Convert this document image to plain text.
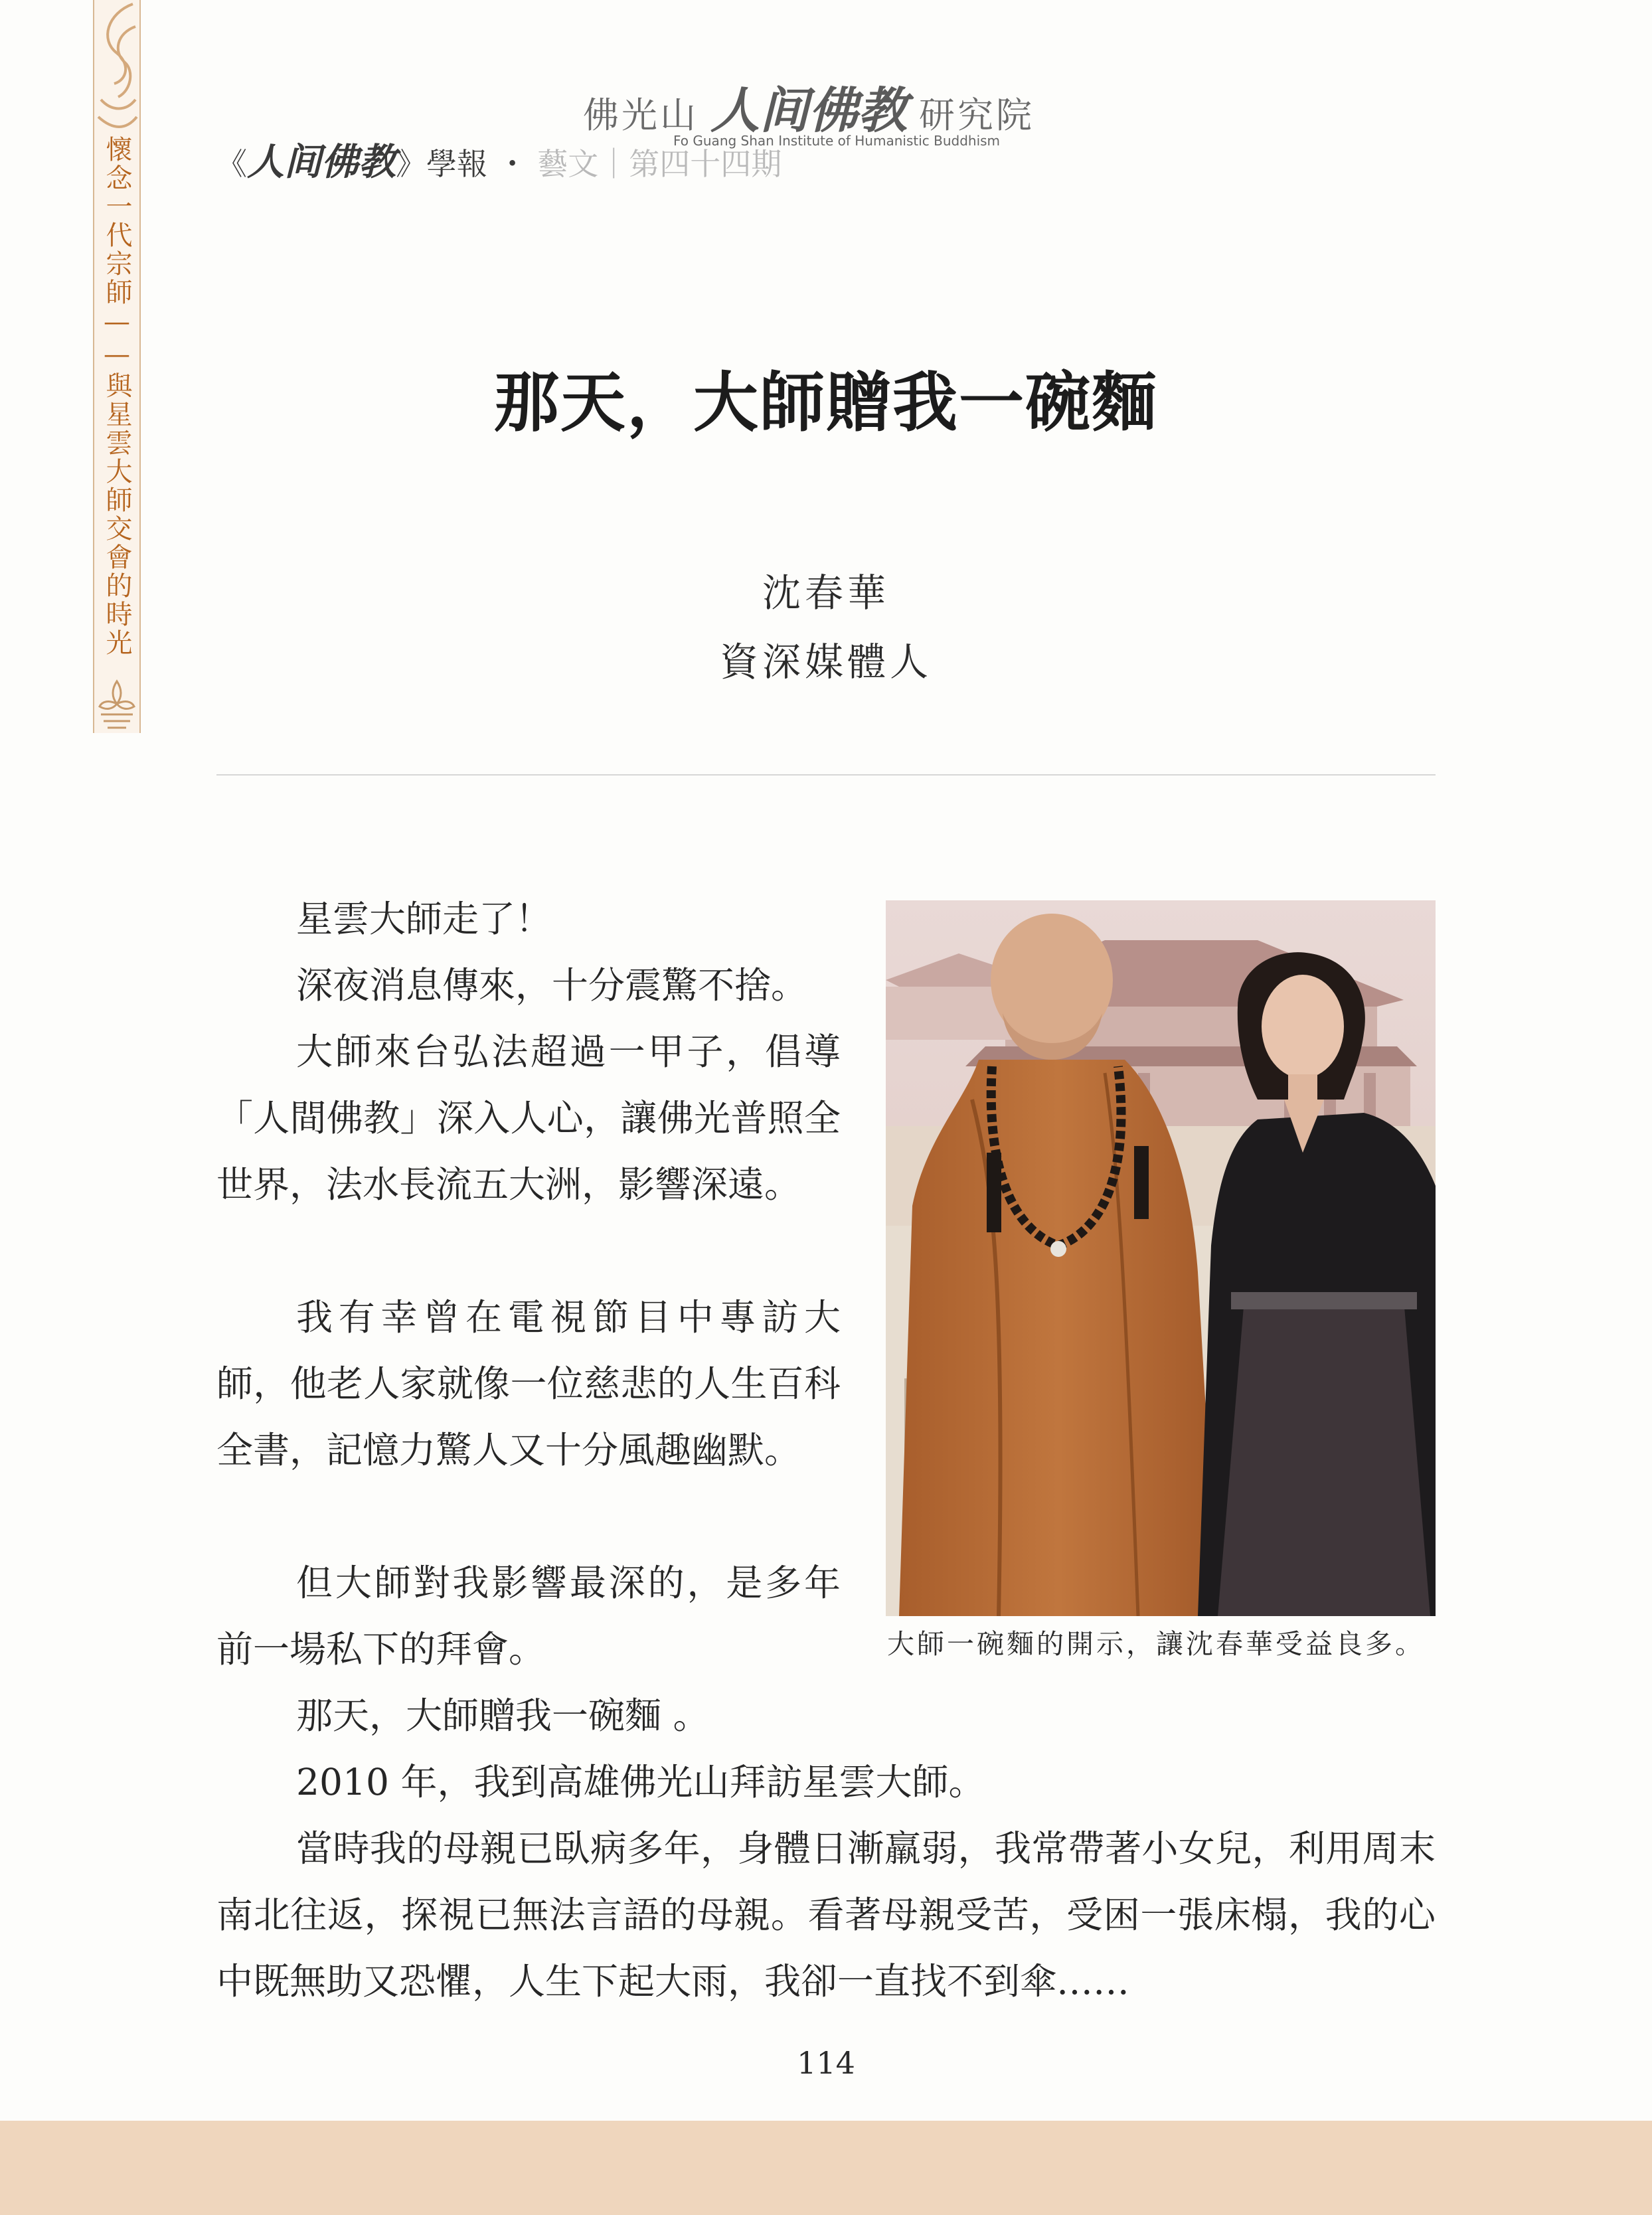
懷念一代宗師——與星雲大師交會的時光
佛光山 人间佛教 研究院
Fo Guang Shan Institute of Humanistic Buddhism
《人间佛教》學報 ・ 藝文｜第四十四期
那天，大師贈我一碗麵
沈春華
資深媒體人

星雲大師走了！

深夜消息傳來，十分震驚不捨。

大師來台弘法超過一甲子，倡導「人間佛教」深入人心，讓佛光普照全世界，法水長流五大洲，影響深遠。

我有幸曾在電視節目中專訪大師，他老人家就像一位慈悲的人生百科全書，記憶力驚人又十分風趣幽默。

但大師對我影響最深的，是多年前一場私下的拜會。

那天，大師贈我一碗麵 。

2010 年，我到高雄佛光山拜訪星雲大師。

當時我的母親已臥病多年，身體日漸羸弱，我常帶著小女兒，利用周末南北往返，探視已無法言語的母親。看著母親受苦，受困一張床榻，我的心中既無助又恐懼，人生下起大雨，我卻一直找不到傘……

大師一碗麵的開示，讓沈春華受益良多。
114
